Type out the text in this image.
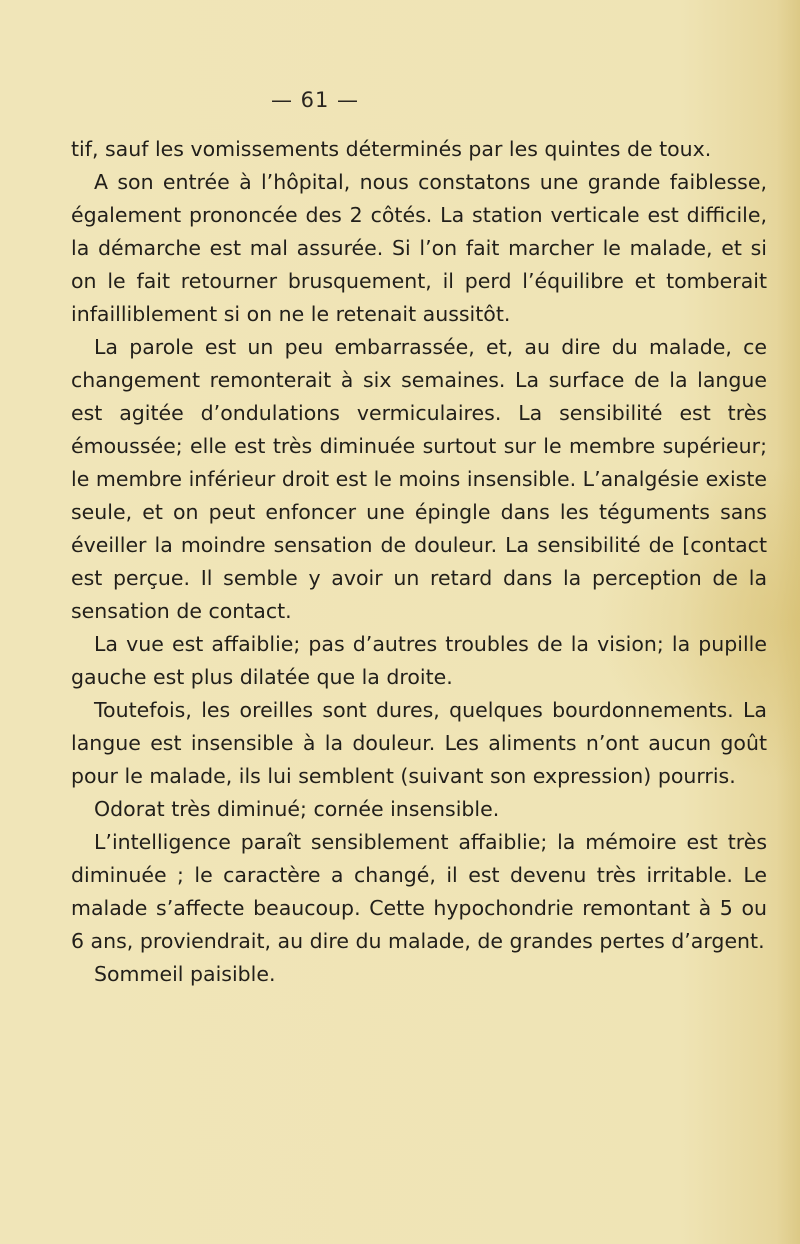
— 61 —

tif, sauf les vomissements déterminés par les quintes de toux.

A son entrée à l’hôpital, nous constatons une grande faiblesse, également prononcée des 2 côtés. La station verticale est difficile, la démarche est mal assurée. Si l’on fait marcher le malade, et si on le fait retourner brusquement, il perd l’équilibre et tomberait infailliblement si on ne le retenait aussitôt.

La parole est un peu embarrassée, et, au dire du malade, ce changement remonterait à six semaines. La surface de la langue est agitée d’ondulations vermiculaires. La sensibilité est très émoussée; elle est très diminuée surtout sur le membre supérieur; le membre inférieur droit est le moins insensible. L’analgésie existe seule, et on peut enfoncer une épingle dans les téguments sans éveiller la moindre sensation de douleur. La sensibilité de [contact est perçue. Il semble y avoir un retard dans la perception de la sensation de contact.

La vue est affaiblie; pas d’autres troubles de la vision; la pupille gauche est plus dilatée que la droite.

Toutefois, les oreilles sont dures, quelques bourdonnements. La langue est insensible à la douleur. Les aliments n’ont aucun goût pour le malade, ils lui semblent (suivant son expression) pourris.

Odorat très diminué; cornée insensible.

L’intelligence paraît sensiblement affaiblie; la mémoire est très diminuée ; le caractère a changé, il est devenu très irritable. Le malade s’affecte beaucoup. Cette hypochondrie remontant à 5 ou 6 ans, proviendrait, au dire du malade, de grandes pertes d’argent.

Sommeil paisible.
